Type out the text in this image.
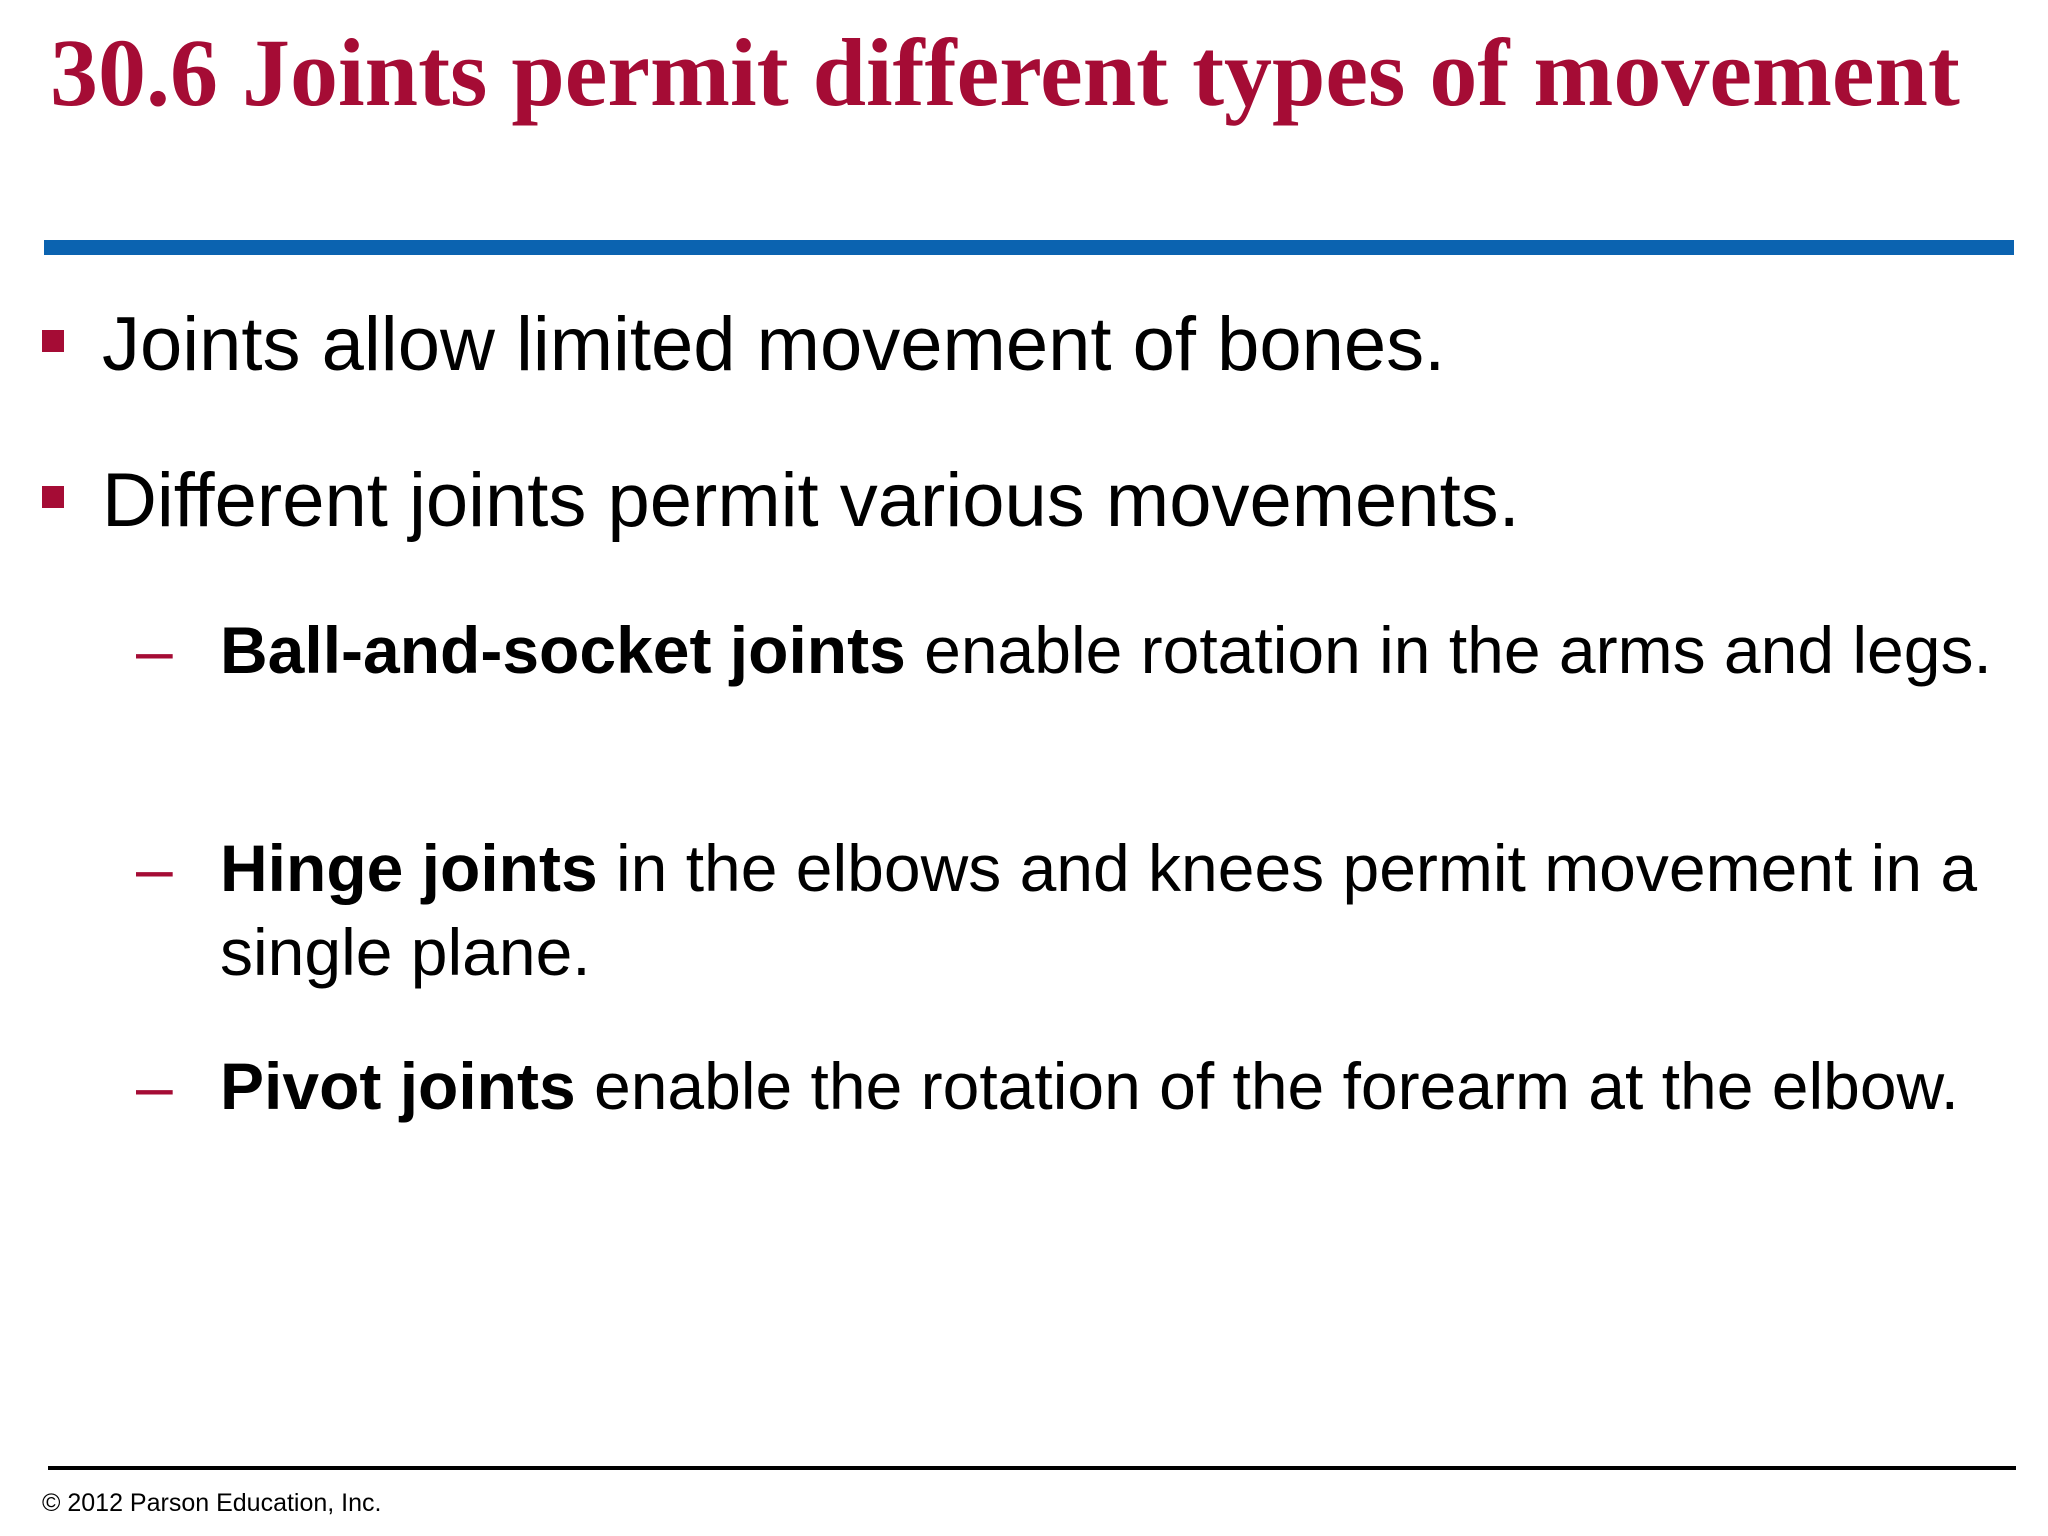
30.6 Joints permit different types of movement
Joints allow limited movement of bones.
Different joints permit various movements.
– Ball-and-socket joints enable rotation in the arms and legs.
– Hinge joints in the elbows and knees permit movement in a single plane.
– Pivot joints enable the rotation of the forearm at the elbow.
© 2012 Parson Education, Inc.
